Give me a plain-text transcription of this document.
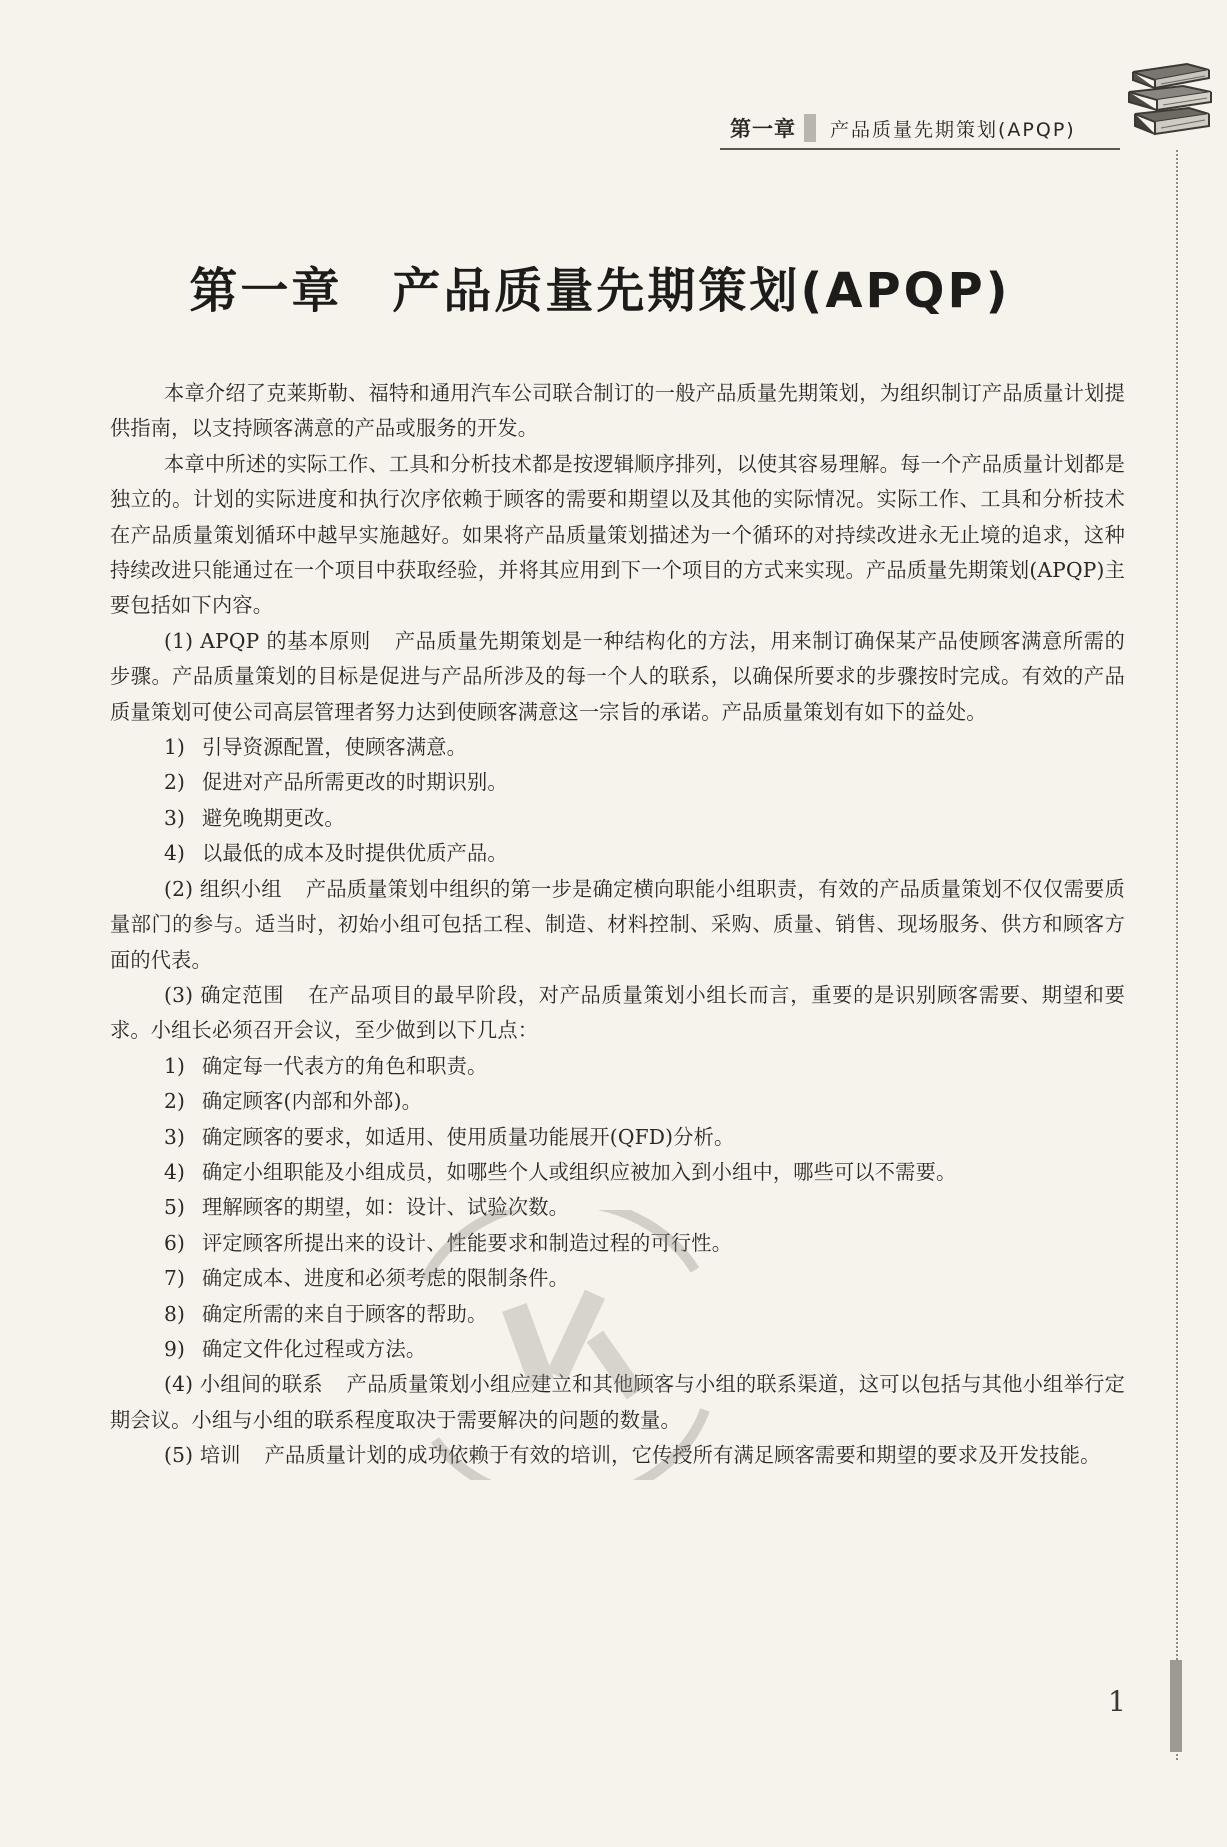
第一章	产品质量先期策划(APQP)
第一章 产品质量先期策划(APQP)

本章介绍了克莱斯勒、福特和通用汽车公司联合制订的一般产品质量先期策划，为组织制订产品质量计划提供指南，以支持顾客满意的产品或服务的开发。

本章中所述的实际工作、工具和分析技术都是按逻辑顺序排列，以使其容易理解。每一个产品质量计划都是独立的。计划的实际进度和执行次序依赖于顾客的需要和期望以及其他的实际情况。实际工作、工具和分析技术在产品质量策划循环中越早实施越好。如果将产品质量策划描述为一个循环的对持续改进永无止境的追求，这种持续改进只能通过在一个项目中获取经验，并将其应用到下一个项目的方式来实现。产品质量先期策划(APQP)主要包括如下内容。

(1) APQP 的基本原则 产品质量先期策划是一种结构化的方法，用来制订确保某产品使顾客满意所需的步骤。产品质量策划的目标是促进与产品所涉及的每一个人的联系，以确保所要求的步骤按时完成。有效的产品质量策划可使公司高层管理者努力达到使顾客满意这一宗旨的承诺。产品质量策划有如下的益处。

1) 引导资源配置，使顾客满意。

2) 促进对产品所需更改的时期识别。

3) 避免晚期更改。

4) 以最低的成本及时提供优质产品。

(2) 组织小组 产品质量策划中组织的第一步是确定横向职能小组职责，有效的产品质量策划不仅仅需要质量部门的参与。适当时，初始小组可包括工程、制造、材料控制、采购、质量、销售、现场服务、供方和顾客方面的代表。

(3) 确定范围 在产品项目的最早阶段，对产品质量策划小组长而言，重要的是识别顾客需要、期望和要求。小组长必须召开会议，至少做到以下几点：

1) 确定每一代表方的角色和职责。

2) 确定顾客(内部和外部)。

3) 确定顾客的要求，如适用、使用质量功能展开(QFD)分析。

4) 确定小组职能及小组成员，如哪些个人或组织应被加入到小组中，哪些可以不需要。

5) 理解顾客的期望，如：设计、试验次数。

6) 评定顾客所提出来的设计、性能要求和制造过程的可行性。

7) 确定成本、进度和必须考虑的限制条件。

8) 确定所需的来自于顾客的帮助。

9) 确定文件化过程或方法。

(4) 小组间的联系 产品质量策划小组应建立和其他顾客与小组的联系渠道，这可以包括与其他小组举行定期会议。小组与小组的联系程度取决于需要解决的问题的数量。

(5) 培训 产品质量计划的成功依赖于有效的培训，它传授所有满足顾客需要和期望的要求及开发技能。

1
